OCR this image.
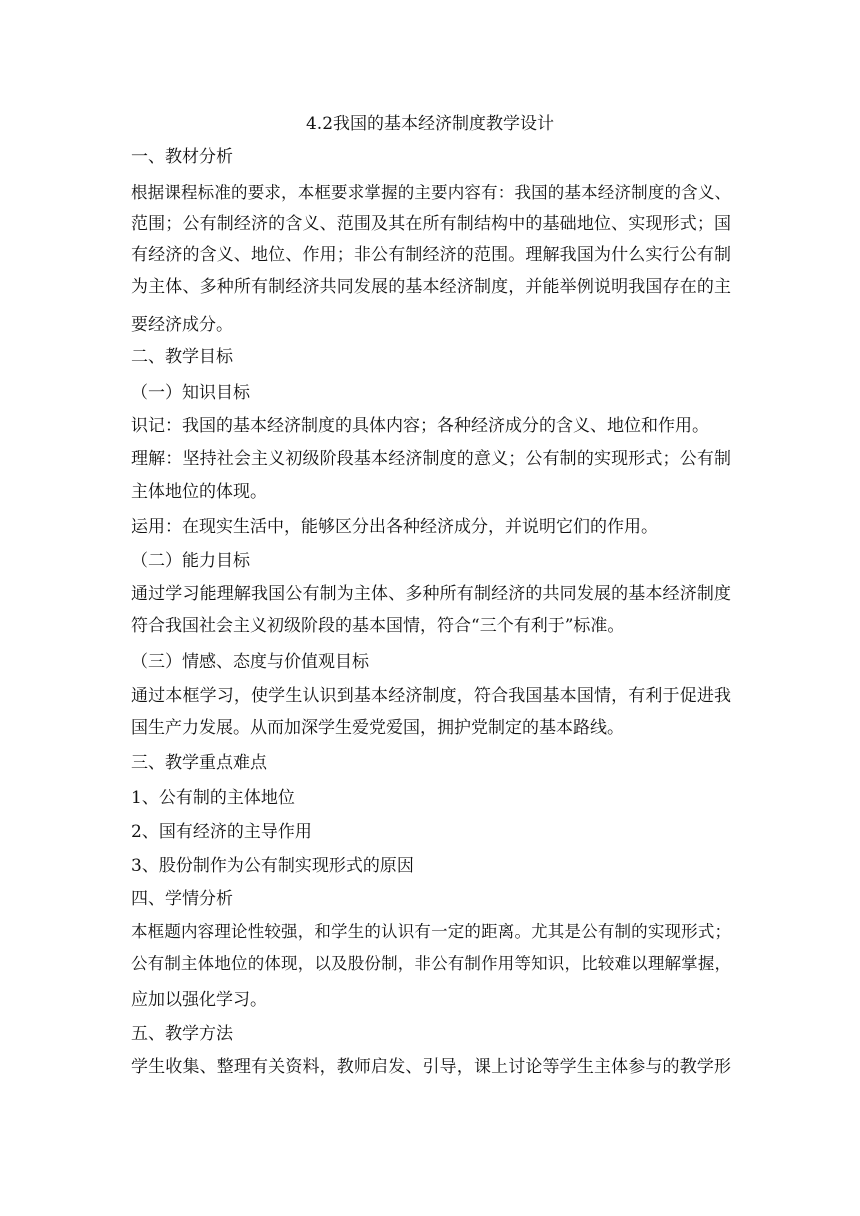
4.2我国的基本经济制度教学设计
一、教材分析
根据课程标准的要求，本框要求掌握的主要内容有：我国的基本经济制度的含义、
范围；公有制经济的含义、范围及其在所有制结构中的基础地位、实现形式；国
有经济的含义、地位、作用；非公有制经济的范围。理解我国为什么实行公有制
为主体、多种所有制经济共同发展的基本经济制度，并能举例说明我国存在的主
要经济成分。
二、教学目标
（一）知识目标
识记：我国的基本经济制度的具体内容；各种经济成分的含义、地位和作用。
理解：坚持社会主义初级阶段基本经济制度的意义；公有制的实现形式；公有制
主体地位的体现。
运用：在现实生活中，能够区分出各种经济成分，并说明它们的作用。
（二）能力目标
通过学习能理解我国公有制为主体、多种所有制经济的共同发展的基本经济制度
符合我国社会主义初级阶段的基本国情，符合“三个有利于”标准。
（三）情感、态度与价值观目标
通过本框学习，使学生认识到基本经济制度，符合我国基本国情，有利于促进我
国生产力发展。从而加深学生爱党爱国，拥护党制定的基本路线。
三、教学重点难点
1、公有制的主体地位
2、国有经济的主导作用
3、股份制作为公有制实现形式的原因
四、学情分析
本框题内容理论性较强，和学生的认识有一定的距离。尤其是公有制的实现形式；
公有制主体地位的体现，以及股份制，非公有制作用等知识，比较难以理解掌握，
应加以强化学习。
五、教学方法
学生收集、整理有关资料，教师启发、引导，课上讨论等学生主体参与的教学形
